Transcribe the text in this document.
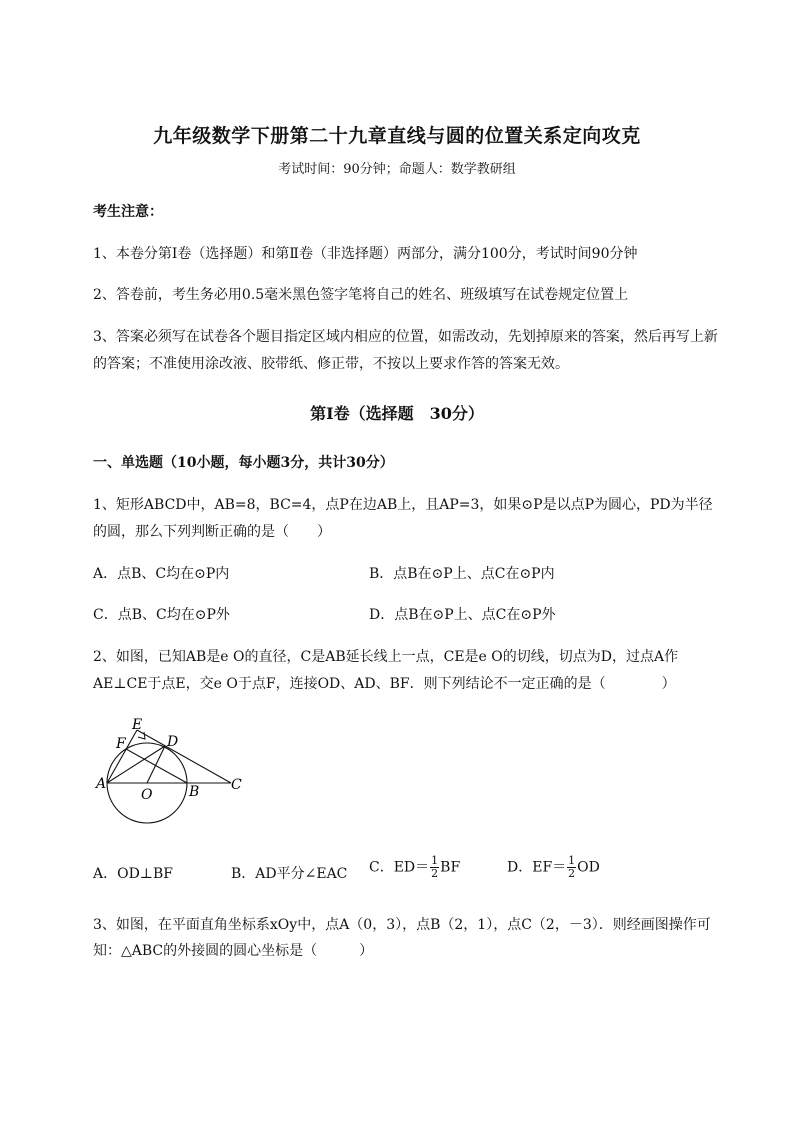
九年级数学下册第二十九章直线与圆的位置关系定向攻克
考试时间：90分钟；命题人：数学教研组
考生注意：
1、本卷分第Ⅰ卷（选择题）和第Ⅱ卷（非选择题）两部分，满分100分，考试时间90分钟
2、答卷前，考生务必用0.5毫米黑色签字笔将自己的姓名、班级填写在试卷规定位置上
3、答案必须写在试卷各个题目指定区域内相应的位置，如需改动，先划掉原来的答案，然后再写上新
的答案；不准使用涂改液、胶带纸、修正带，不按以上要求作答的答案无效。
第Ⅰ卷（选择题　30分）
一、单选题（10小题，每小题3分，共计30分）
1、矩形ABCD中，AB=8，BC=4，点P在边AB上，且AP=3，如果⊙P是以点P为圆心，PD为半径
的圆，那么下列判断正确的是（　　）
A．点B、C均在⊙P内	B．点B在⊙P上、点C在⊙P内
C．点B、C均在⊙P外	D．点B在⊙P上、点C在⊙P外
2、如图，已知AB是e O的直径，C是AB延长线上一点，CE是e O的切线，切点为D，过点A作
AE⊥CE于点E，交e O于点F，连接OD、AD、BF．则下列结论不一定正确的是（　　　　）
E
F	D
A
O	B C
A．OD⊥BF	B．AD平分∠EAC C．$ED= \frac{1}{2}$ BF	D．$EF= \frac{1}{2}$ OD
3、如图，在平面直角坐标系xOy中，点A（0，3），点B（2，1），点C（2，－3）．则经画图操作可
知：△ABC的外接圆的圆心坐标是（　　　）
